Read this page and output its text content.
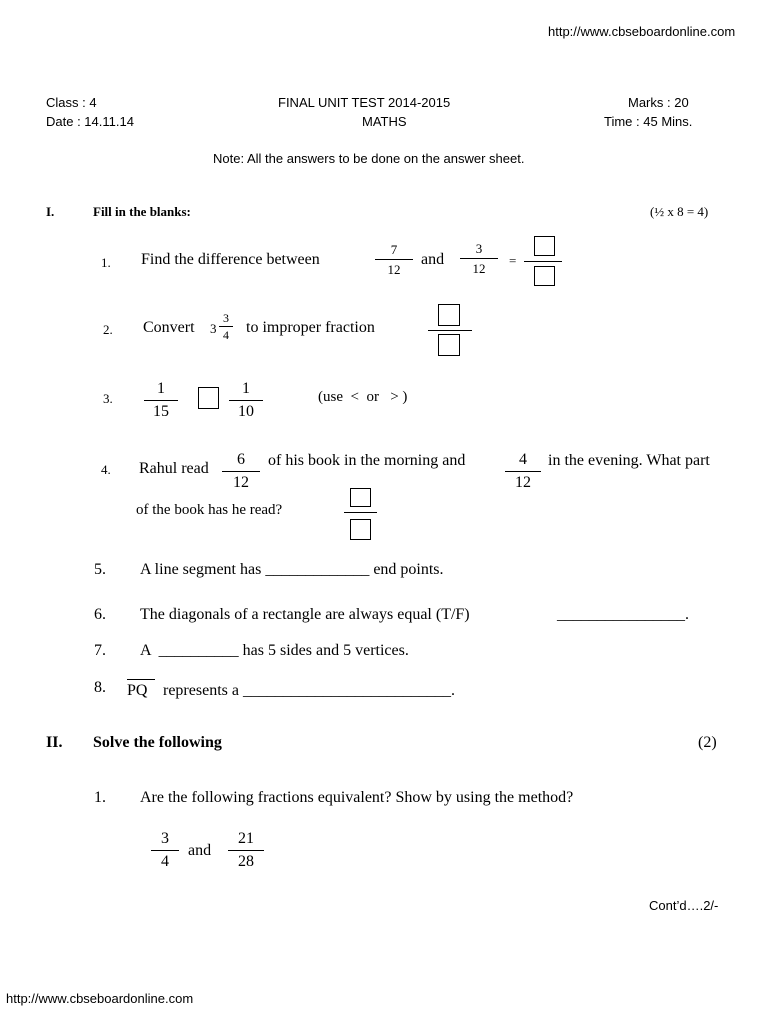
http://www.cbseboardonline.com
Class : 4
Date : 14.11.14
FINAL UNIT TEST 2014-2015
MATHS
Marks : 20
Time : 45 Mins.
Note: All the answers to be done on the answer sheet.
I.	Fill in the blanks:	(½ x 8 = 4)
1. Find the difference between
7
12
and
3
12
=
2. Convert 3
3
4 to improper fraction
3.
1
15
1
10
(use  <  or   > )
4. Rahul read
6
12
of his book in the morning and	4
12
in the evening. What part
of the book has he read?
5. A line segment has _____________ end points.
6. The diagonals of a rectangle are always equal (T/F)	________________.
7. A  __________ has 5 sides and 5 vertices.
8. PQ represents a __________________________.
II. Solve the following	(2)
1. Are the following fractions equivalent? Show by using the method?
3
4
and
21
28
Cont’d….2/-
http://www.cbseboardonline.com
